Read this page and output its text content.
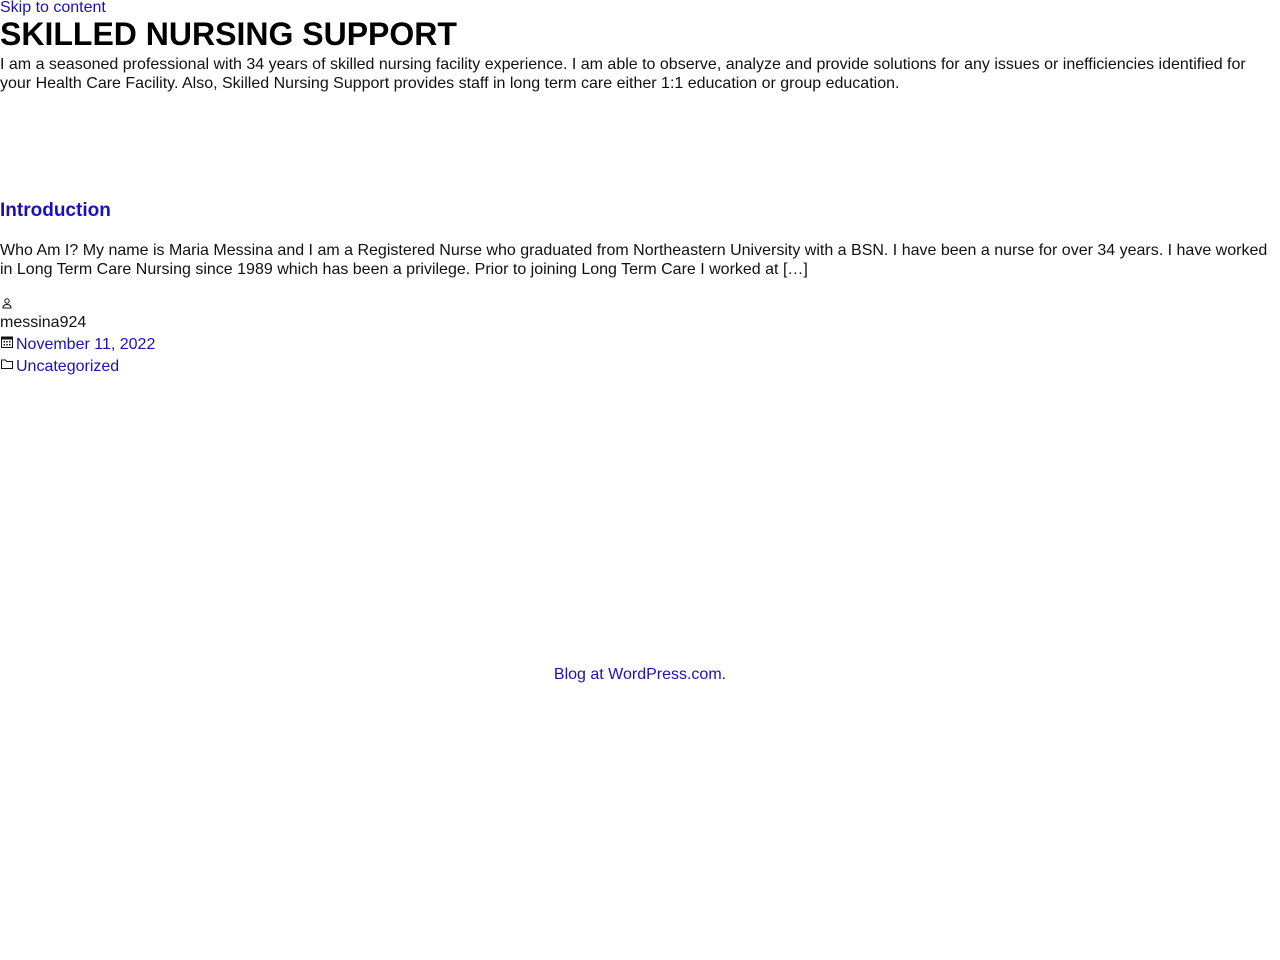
Skip to content
SKILLED NURSING SUPPORT

I am a seasoned professional with 34 years of skilled nursing facility experience. I am able to observe, analyze and provide solutions for any issues or inefficiencies identified for your Health Care Facility. Also, Skilled Nursing Support provides staff in long term care either 1:1 education or group education.

Introduction

Who Am I? My name is Maria Messina and I am a Registered Nurse who graduated from Northeastern University with a BSN. I have been a nurse for over 34 years. I have worked in Long Term Care Nursing since 1989 which has been a privilege. Prior to joining Long Term Care I worked at […]

messina924
November 11, 2022
Uncategorized
Blog at WordPress.com.
